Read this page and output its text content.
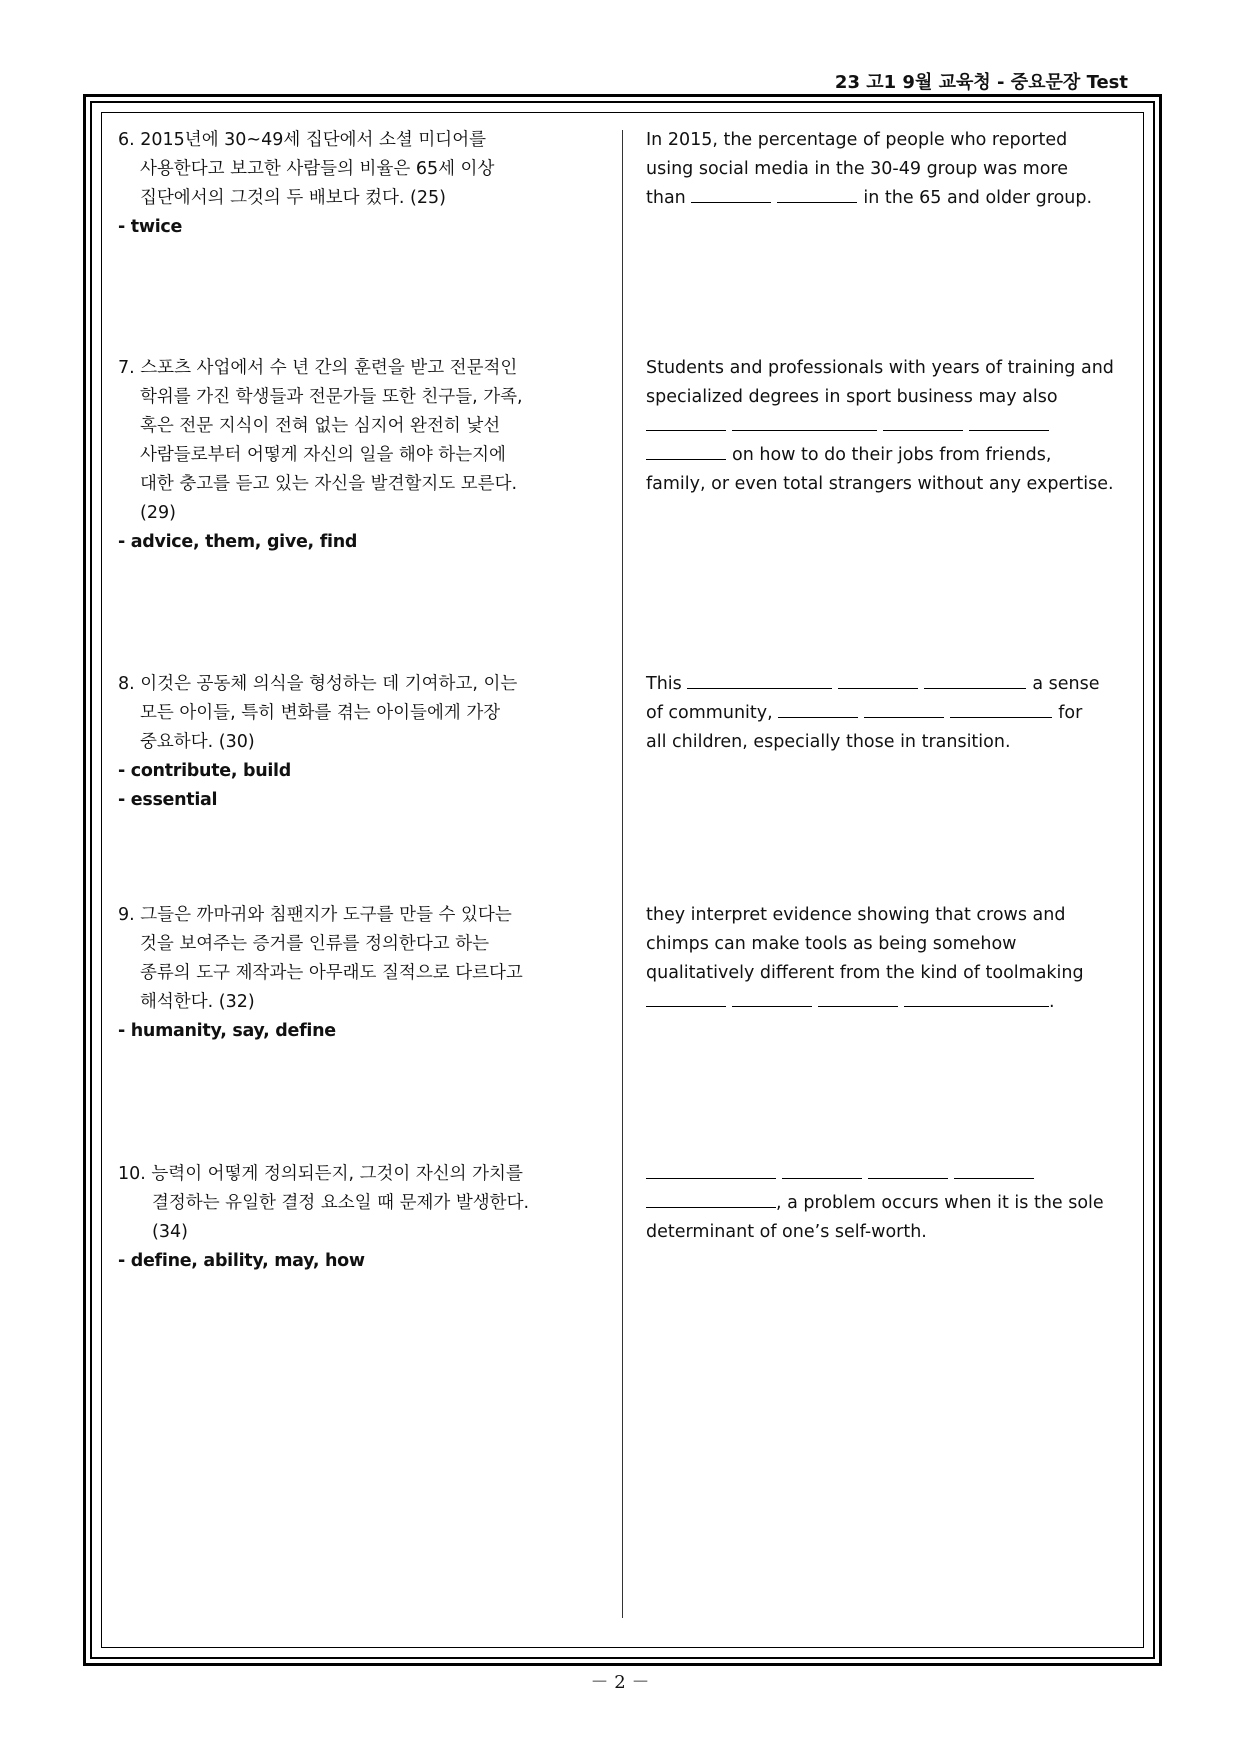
23 고1 9월 교육청 - 중요문장 Test
6. 2015년에 30~49세 집단에서 소셜 미디어를
사용한다고 보고한 사람들의 비율은 65세 이상
집단에서의 그것의 두 배보다 컸다. (25)
- twice
In 2015, the percentage of people who reported
using social media in the 30-49 group was more
than	in the 65 and older group.
7. 스포츠 사업에서 수 년 간의 훈련을 받고 전문적인
학위를 가진 학생들과 전문가들 또한 친구들, 가족,
혹은 전문 지식이 전혀 없는 심지어 완전히 낯선
사람들로부터 어떻게 자신의 일을 해야 하는지에
대한 충고를 듣고 있는 자신을 발견할지도 모른다.
(29)
- advice, them, give, find
Students and professionals with years of training and
specialized degrees in sport business may also
on how to do their jobs from friends,
family, or even total strangers without any expertise.
8. 이것은 공동체 의식을 형성하는 데 기여하고, 이는
모든 아이들, 특히 변화를 겪는 아이들에게 가장
중요하다. (30)
- contribute, build
- essential
This	a sense
of community,	for
all children, especially those in transition.
9. 그들은 까마귀와 침팬지가 도구를 만들 수 있다는
것을 보여주는 증거를 인류를 정의한다고 하는
종류의 도구 제작과는 아무래도 질적으로 다르다고
해석한다. (32)
- humanity, say, define
they interpret evidence showing that crows and
chimps can make tools as being somehow
qualitatively different from the kind of toolmaking
.
10. 능력이 어떻게 정의되든지, 그것이 자신의 가치를
결정하는 유일한 결정 요소일 때 문제가 발생한다.
(34)
- define, ability, may, how
, a problem occurs when it is the sole
determinant of one’s self-worth.
－ 2 －
